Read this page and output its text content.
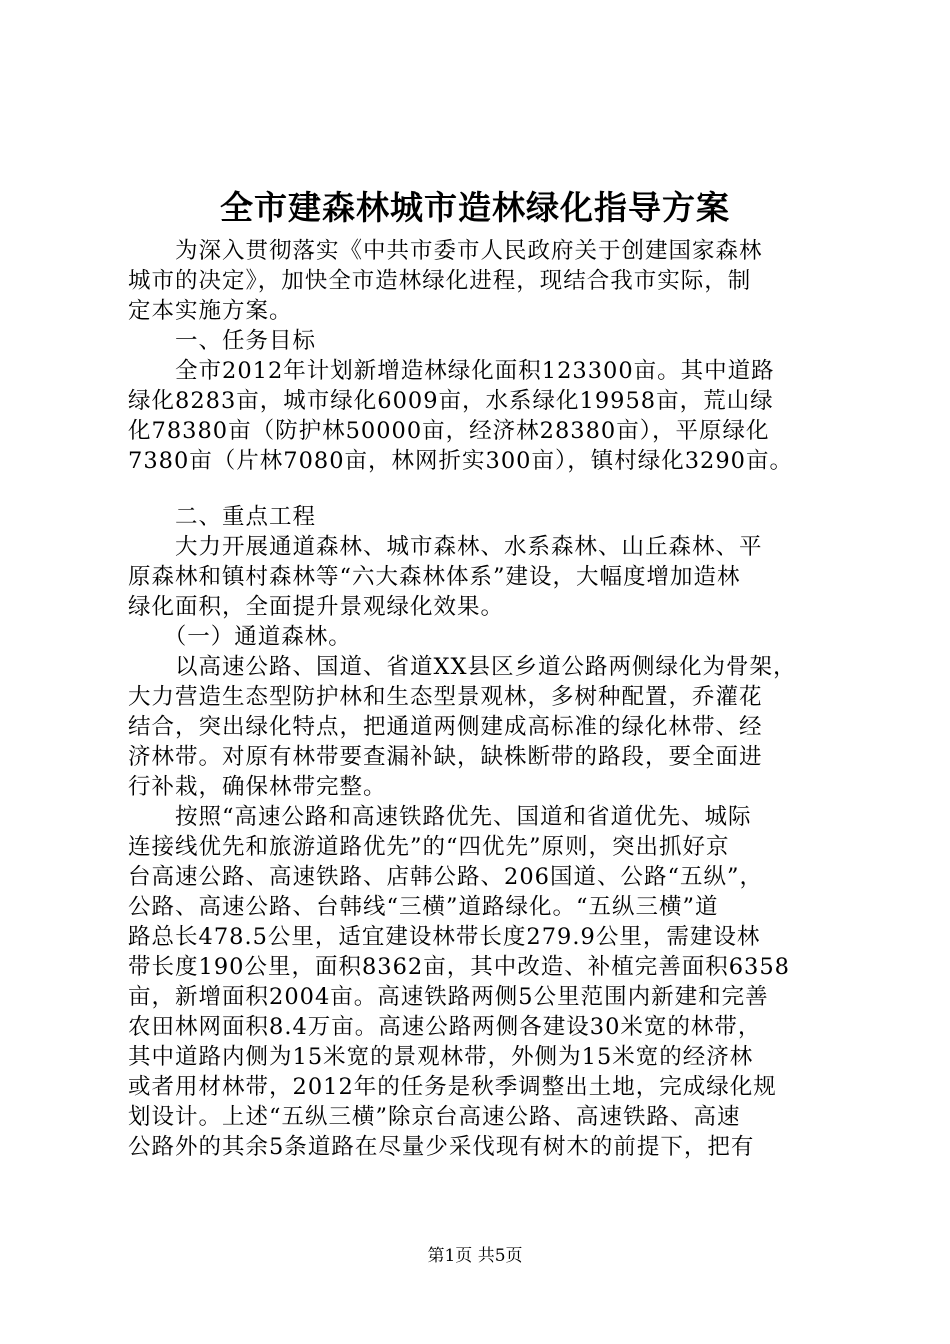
全市建森林城市造林绿化指导方案
　　为深入贯彻落实《中共市委市人民政府关于创建国家森林
城市的决定》，加快全市造林绿化进程，现结合我市实际，制
定本实施方案。
　　一、任务目标
　　全市2012年计划新增造林绿化面积123300亩。其中道路
绿化8283亩，城市绿化6009亩，水系绿化19958亩，荒山绿
化78380亩（防护林50000亩，经济林28380亩），平原绿化
7380亩（片林7080亩，林网折实300亩），镇村绿化3290亩。
　　二、重点工程
　　大力开展通道森林、城市森林、水系森林、山丘森林、平
原森林和镇村森林等“六大森林体系”建设，大幅度增加造林
绿化面积，全面提升景观绿化效果。
　　（一）通道森林。
　　以高速公路、国道、省道XX县区乡道公路两侧绿化为骨架，
大力营造生态型防护林和生态型景观林，多树种配置，乔灌花
结合，突出绿化特点，把通道两侧建成高标准的绿化林带、经
济林带。对原有林带要查漏补缺，缺株断带的路段，要全面进
行补栽，确保林带完整。
　　按照“高速公路和高速铁路优先、国道和省道优先、城际
连接线优先和旅游道路优先”的“四优先”原则，突出抓好京
台高速公路、高速铁路、店韩公路、206国道、公路“五纵”，
公路、高速公路、台韩线“三横”道路绿化。“五纵三横”道
路总长478.5公里，适宜建设林带长度279.9公里，需建设林
带长度190公里，面积8362亩，其中改造、补植完善面积6358
亩，新增面积2004亩。高速铁路两侧5公里范围内新建和完善
农田林网面积8.4万亩。高速公路两侧各建设30米宽的林带，
其中道路内侧为15米宽的景观林带，外侧为15米宽的经济林
或者用材林带，2012年的任务是秋季调整出土地，完成绿化规
划设计。上述“五纵三横”除京台高速公路、高速铁路、高速
公路外的其余5条道路在尽量少采伐现有树木的前提下，把有
第1页 共5页
